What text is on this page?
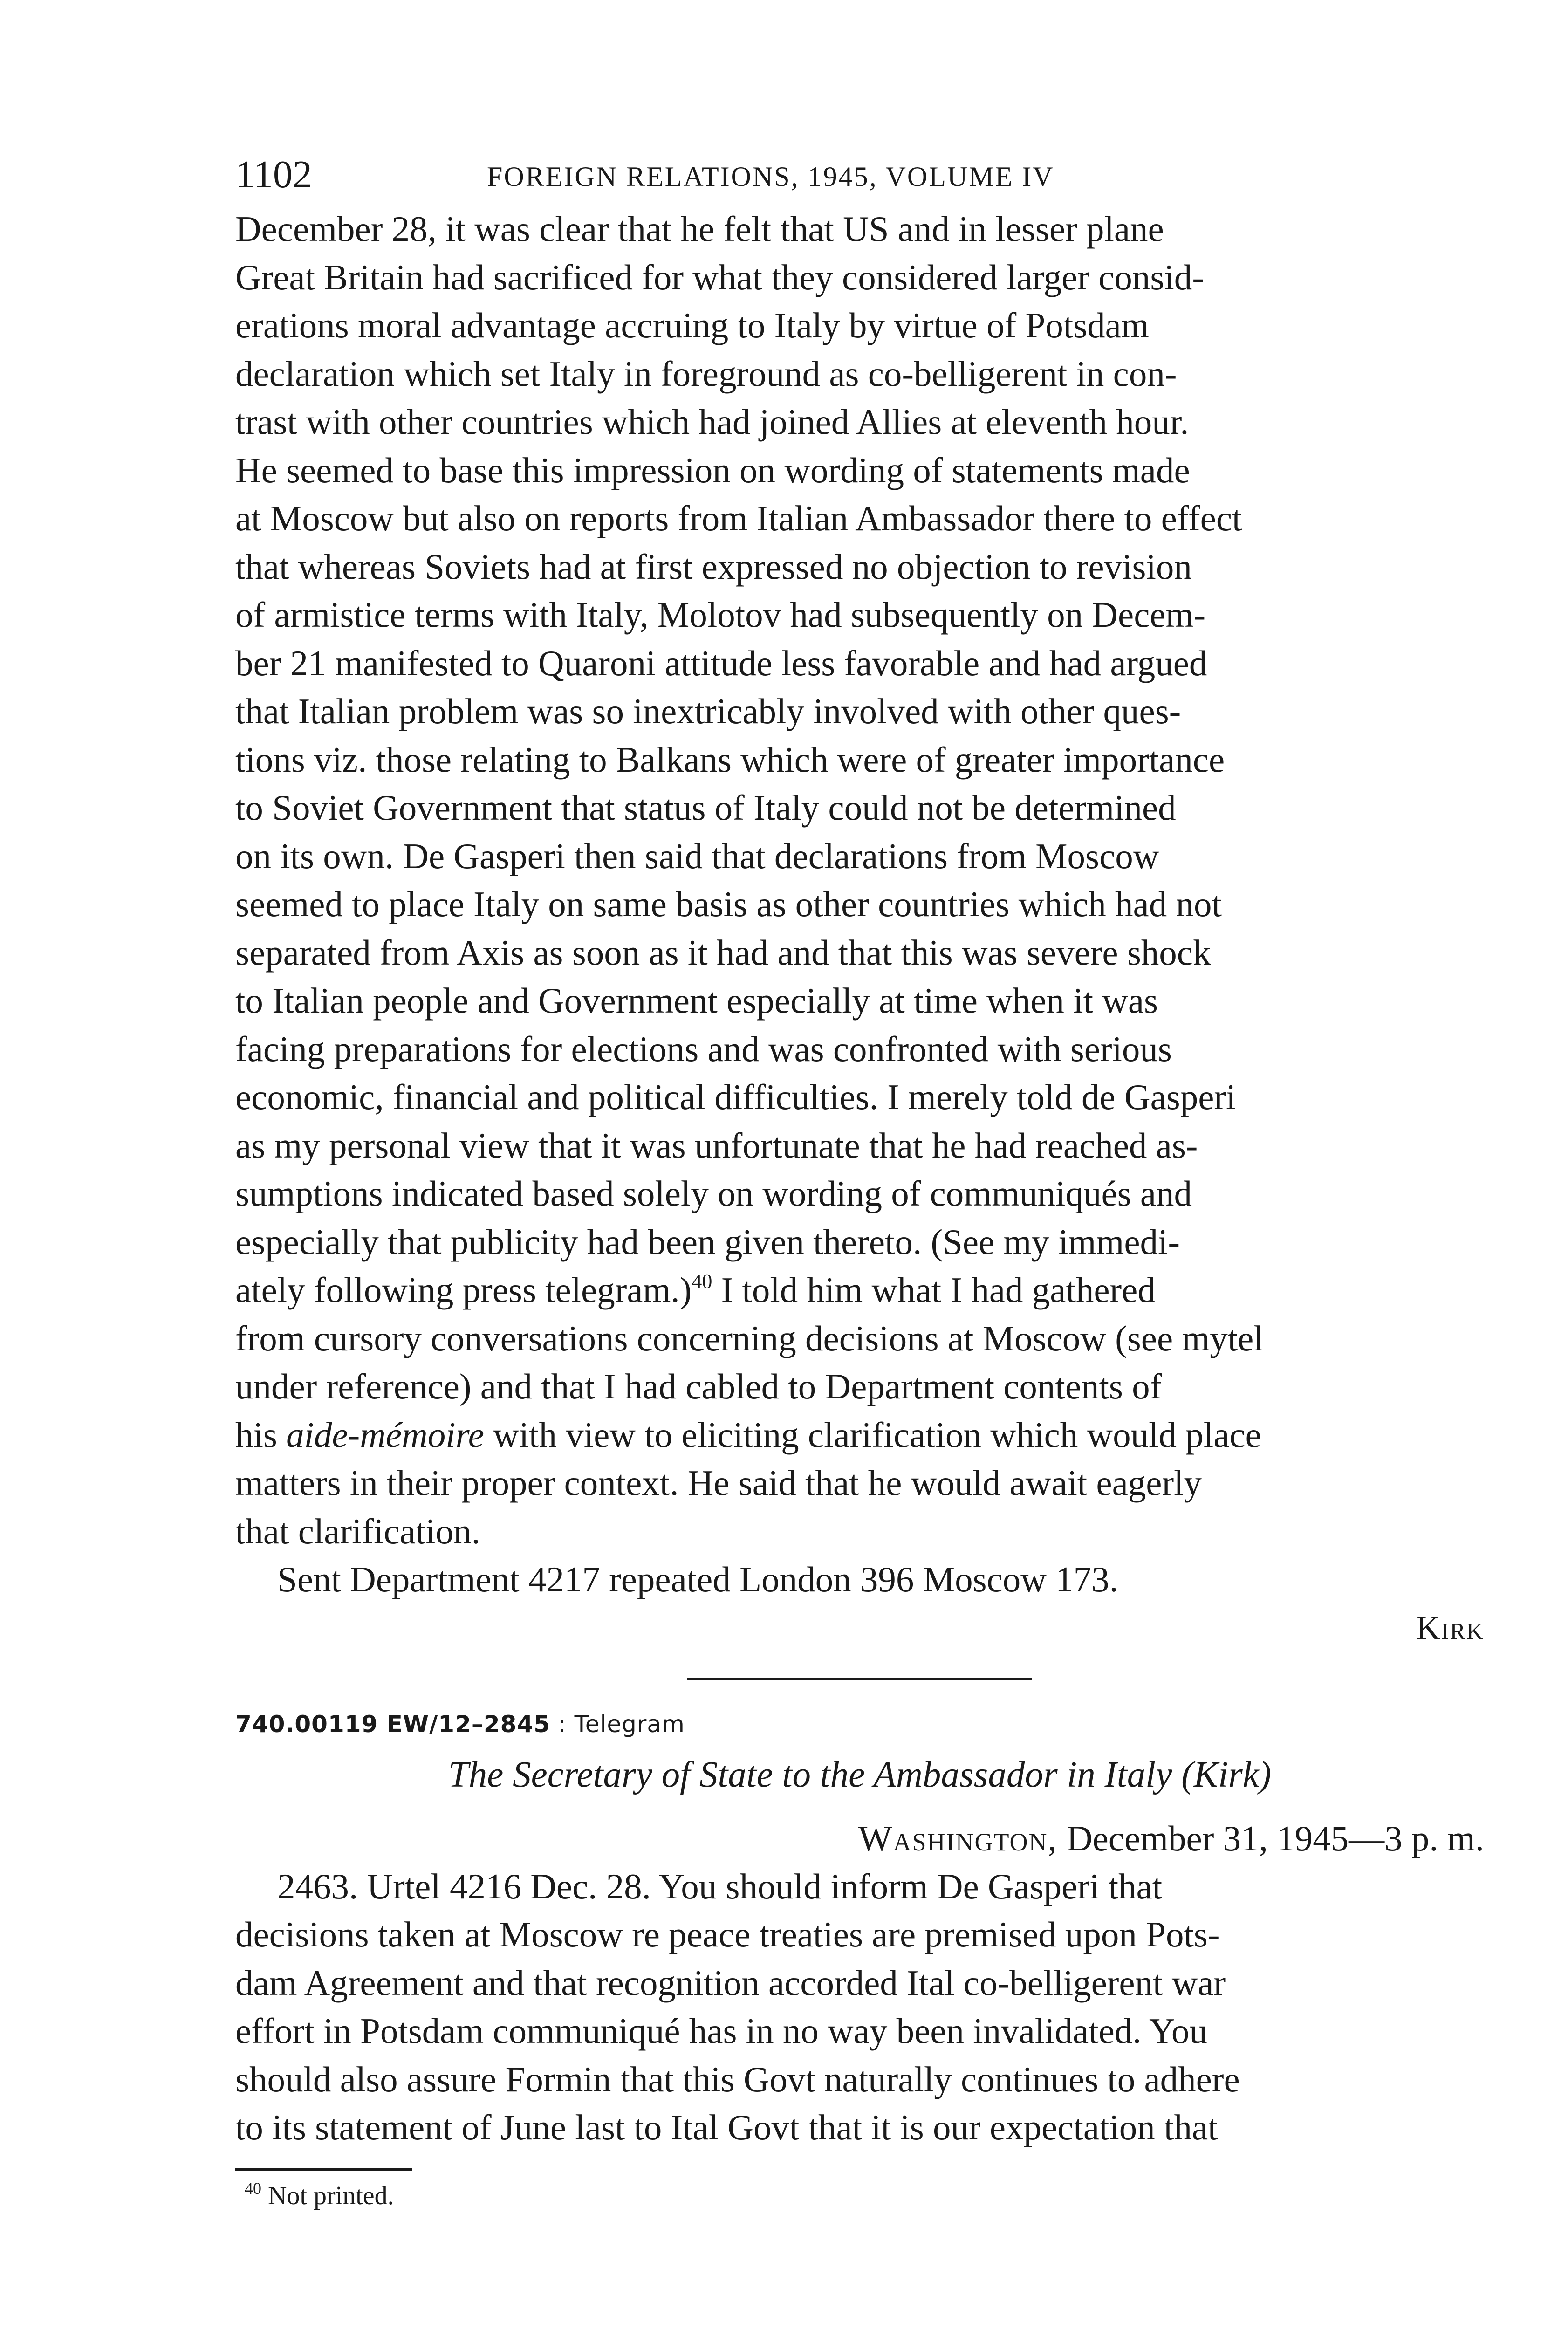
1102	FOREIGN RELATIONS, 1945, VOLUME IV
December 28, it was clear that he felt that US and in lesser plane
Great Britain had sacrificed for what they considered larger consid-
erations moral advantage accruing to Italy by virtue of Potsdam
declaration which set Italy in foreground as co-belligerent in con-
trast with other countries which had joined Allies at eleventh hour.
He seemed to base this impression on wording of statements made
at Moscow but also on reports from Italian Ambassador there to effect
that whereas Soviets had at first expressed no objection to revision
of armistice terms with Italy, Molotov had subsequently on Decem-
ber 21 manifested to Quaroni attitude less favorable and had argued
that Italian problem was so inextricably involved with other ques-
tions viz. those relating to Balkans which were of greater importance
to Soviet Government that status of Italy could not be determined
on its own. De Gasperi then said that declarations from Moscow
seemed to place Italy on same basis as other countries which had not
separated from Axis as soon as it had and that this was severe shock
to Italian people and Government especially at time when it was
facing preparations for elections and was confronted with serious
economic, financial and political difficulties. I merely told de Gasperi
as my personal view that it was unfortunate that he had reached as-
sumptions indicated based solely on wording of communiqués and
especially that publicity had been given thereto. (See my immedi-
ately following press telegram.)$^{40}$ I told him what I had gathered
from cursory conversations concerning decisions at Moscow (see mytel
under reference) and that I had cabled to Department contents of
his aide-mémoire with view to eliciting clarification which would place
matters in their proper context. He said that he would await eagerly
that clarification.
Sent Department 4217 repeated London 396 Moscow 173.
Kirk
740.00119 EW/12–2845 : Telegram
The Secretary of State to the Ambassador in Italy (Kirk)
Washington, December 31, 1945—3 p. m.
2463. Urtel 4216 Dec. 28. You should inform De Gasperi that
decisions taken at Moscow re peace treaties are premised upon Pots-
dam Agreement and that recognition accorded Ital co-belligerent war
effort in Potsdam communiqué has in no way been invalidated. You
should also assure Formin that this Govt naturally continues to adhere
to its statement of June last to Ital Govt that it is our expectation that
$^{40}$ Not printed.
